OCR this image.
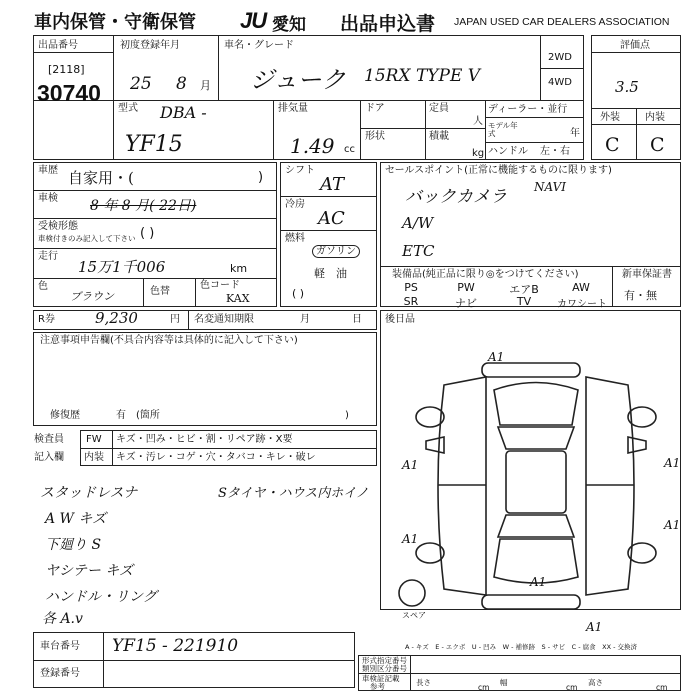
車内保管・守衛保管 JU 愛知 出品申込書 JAPAN USED CAR DEALERS ASSOCIATION
出品番号
[2118]
30740
初度登録年月
25 8 月
車名・グレード
ジューク 15RX TYPE V
2WD
4WD
評価点
3.5
外装	内装
C C
型式 DBA -
YF15
排気量
1.49 cc
ドア	定員
人
形状	積載
kg
ディーラー・並行
モデル年式	年
ハンドル 左・右
車歴 自家用・(	)
車検 8 年 8 月( 22日)
受検形態
車検付きのみ記入して下さい ( )
走行
15万1千006	km
色
ブラウン	色替
色コード
KAX
シフト
AT
冷房
AC
燃料
ガソリン
軽　油
( )
セールスポイント(正常に機能するものに限ります)
バックカメラ NAVI
A/W
ETC
装備品(純正品に限り◎をつけてください)
PS	PW	エアB	AW
SR	ナビ	TV	カワシート
新車保証書
有・無
R券	9,230	円 名変通知期限	月	日 後日品
注意事項申告欄(不具合内容等は具体的に記入して下さい)
修復歴	有　(箇所	)
検査員
記入欄
FW キズ・凹み・ヒビ・割・リペア跡・X要
内装 キズ・汚レ・コゲ・穴・タバコ・キレ・破レ
スタッドレスナ	Sタイヤ・ハウス内ホイノ
A W キズ
下廻り S
ヤシテー キズ
ハンドル・リング
各 A.v
A1
A1	A1
A1
A1
A1
A1
スペア
A - キズ　E - エクボ　U - 凹み　W - 補修跡　S - サビ　C - 腐食　XX - 交換済
車台番号 YF15 - 221910
登録番号
形式指定番号
類別区分番号
車検証記載
参考	長さ
cm
幅
cm
高さ
cm
